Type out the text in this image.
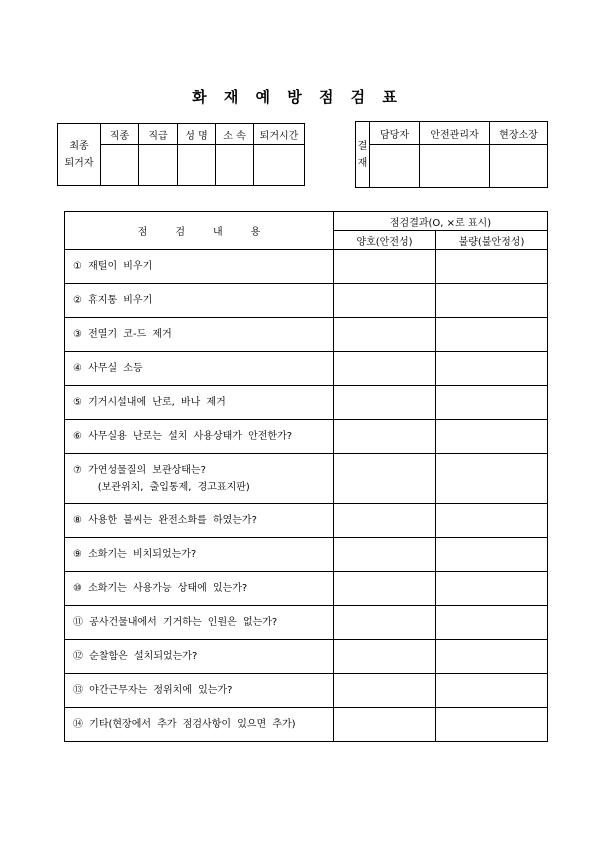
화 재 예 방 점 검 표
최종
퇴거자	직종	직급	성 명	소 속	퇴거시간

결
재	담당자	안전관리자	현장소장

점 검 내 용	점검결과(O, ×로 표시)	
	양호(안전성)	불량(불안정성)
① 재털이 비우기		
② 휴지통 비우기		
③ 전열기 코-드 제거		
④ 사무실 소등		
⑤ 기거시설내에 난로, 바나 제거		
⑥ 사무실용 난로는 설치 사용상태가 안전한가?		
⑦ 가연성물질의 보관상태는?
(보관위치, 출입통제, 경고표지판)		
⑧ 사용한 불씨는 완전소화를 하였는가?		
⑨ 소화기는 비치되었는가?		
⑩ 소화기는 사용가능 상태에 있는가?		
⑪ 공사건물내에서 기거하는 인원은 없는가?		
⑫ 순찰함은 설치되었는가?		
⑬ 야간근무자는 정위치에 있는가?		
⑭ 기타(현장에서 추가 점검사항이 있으면 추가)		
